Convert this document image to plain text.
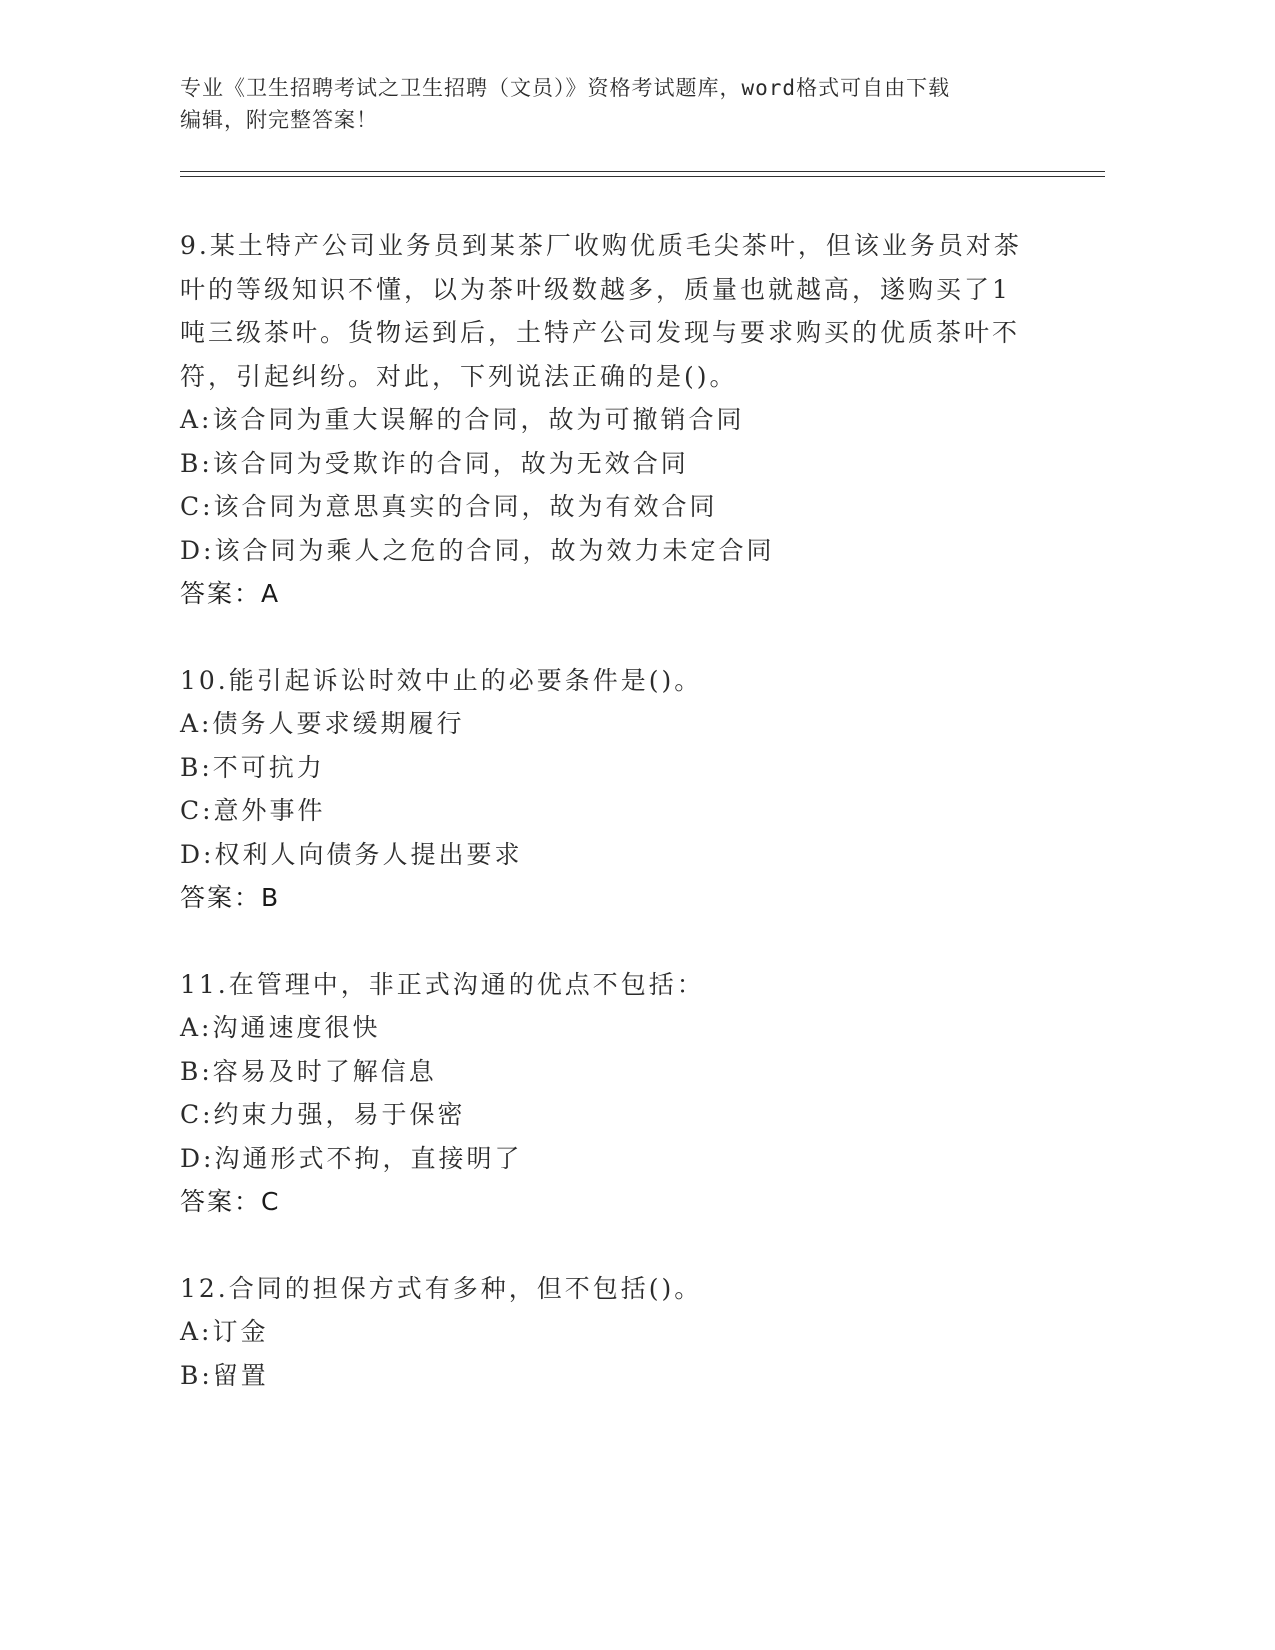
专业《卫生招聘考试之卫生招聘（文员）》资格考试题库，word格式可自由下载
编辑，附完整答案！
9.某土特产公司业务员到某茶厂收购优质毛尖茶叶，但该业务员对茶
叶的等级知识不懂，以为茶叶级数越多，质量也就越高，遂购买了1
吨三级茶叶。货物运到后，土特产公司发现与要求购买的优质茶叶不
符，引起纠纷。对此，下列说法正确的是()。
A:该合同为重大误解的合同，故为可撤销合同
B:该合同为受欺诈的合同，故为无效合同
C:该合同为意思真实的合同，故为有效合同
D:该合同为乘人之危的合同，故为效力未定合同
答案：A
10.能引起诉讼时效中止的必要条件是()。
A:债务人要求缓期履行
B:不可抗力
C:意外事件
D:权利人向债务人提出要求
答案：B
11.在管理中，非正式沟通的优点不包括：
A:沟通速度很快
B:容易及时了解信息
C:约束力强，易于保密
D:沟通形式不拘，直接明了
答案：C
12.合同的担保方式有多种，但不包括()。
A:订金
B:留置
